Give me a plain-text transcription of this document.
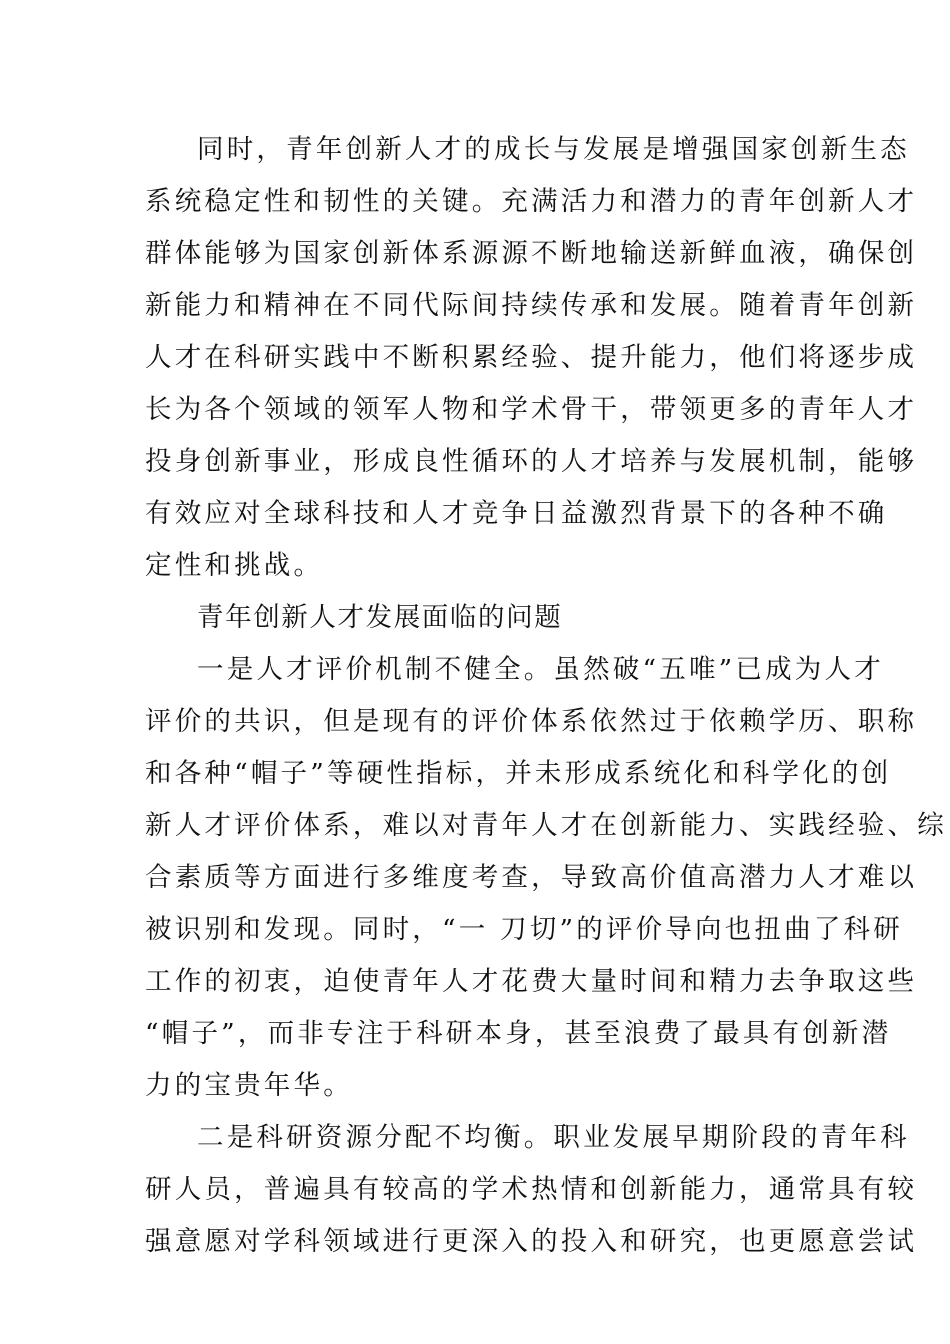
同时，青年创新人才的成长与发展是增强国家创新生态
系统稳定性和韧性的关键。充满活力和潜力的青年创新人才
群体能够为国家创新体系源源不断地输送新鲜血液，确保创
新能力和精神在不同代际间持续传承和发展。随着青年创新
人才在科研实践中不断积累经验、提升能力，他们将逐步成
长为各个领域的领军人物和学术骨干，带领更多的青年人才
投身创新事业，形成良性循环的人才培养与发展机制，能够
有效应对全球科技和人才竞争日益激烈背景下的各种不确
定性和挑战。
青年创新人才发展面临的问题
一是人才评价机制不健全。虽然破“五唯”已成为人才
评价的共识，但是现有的评价体系依然过于依赖学历、职称
和各种“帽子”等硬性指标，并未形成系统化和科学化的创
新人才评价体系，难以对青年人才在创新能力、实践经验、综
合素质等方面进行多维度考查，导致高价值高潜力人才难以
被识别和发现。同时，“一 刀切”的评价导向也扭曲了科研
工作的初衷，迫使青年人才花费大量时间和精力去争取这些
“帽子”，而非专注于科研本身，甚至浪费了最具有创新潜
力的宝贵年华。
二是科研资源分配不均衡。职业发展早期阶段的青年科
研人员，普遍具有较高的学术热情和创新能力，通常具有较
强意愿对学科领域进行更深入的投入和研究，也更愿意尝试
